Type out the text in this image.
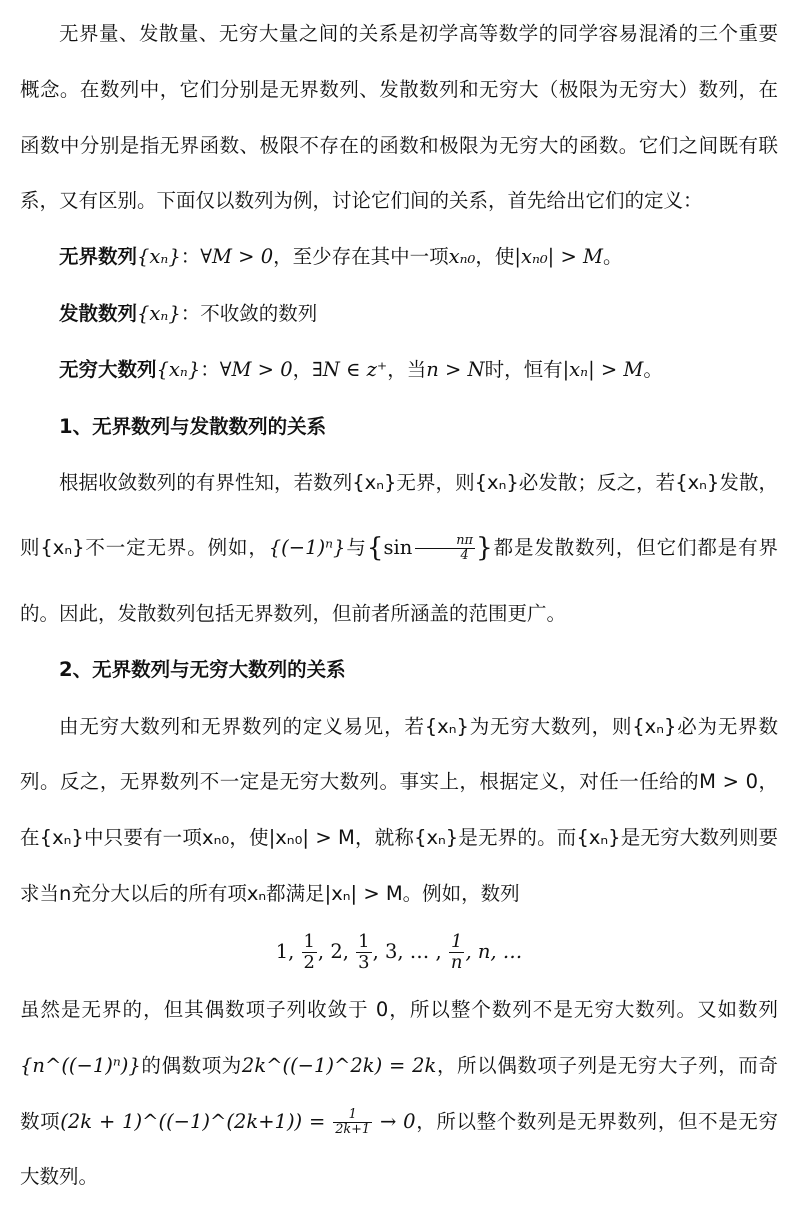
无界量、发散量、无穷大量之间的关系是初学高等数学的同学容易混淆的三个重要概念。在数列中，它们分别是无界数列、发散数列和无穷大（极限为无穷大）数列，在函数中分别是指无界函数、极限不存在的函数和极限为无穷大的函数。它们之间既有联系，又有区别。下面仅以数列为例，讨论它们间的关系，首先给出它们的定义：

无界数列{xₙ}：∀M > 0，至少存在其中一项xₙ₀，使|xₙ₀| > M。

发散数列{xₙ}：不收敛的数列

无穷大数列{xₙ}：∀M > 0，∃N ∈ z⁺，当n > N时，恒有|xₙ| > M。

1、无界数列与发散数列的关系

根据收敛数列的有界性知，若数列{xₙ}无界，则{xₙ}必发散；反之，若{xₙ}发散，则{xₙ}不一定无界。例如，{(−1)ⁿ}与{sin  $\frac{n\pi}{4}$ }都是发散数列，但它们都是有界的。因此，发散数列包括无界数列，但前者所涵盖的范围更广。

2、无界数列与无穷大数列的关系

由无穷大数列和无界数列的定义易见，若{xₙ}为无穷大数列，则{xₙ}必为无界数列。反之，无界数列不一定是无穷大数列。事实上，根据定义，对任一任给的M > 0，在{xₙ}中只要有一项xₙ₀，使|xₙ₀| > M，就称{xₙ}是无界的。而{xₙ}是无穷大数列则要求当n充分大以后的所有项xₙ都满足|xₙ| > M。例如，数列

1, $\frac{1}{2}$ , 2, $\frac{1}{3}$ , 3, … , $\frac{1}{n}$ , n, …

虽然是无界的，但其偶数项子列收敛于 0，所以整个数列不是无穷大数列。又如数列{n^((−1)ⁿ)}的偶数项为2k^((−1)^2k) = 2k，所以偶数项子列是无穷大子列，而奇数项(2k + 1)^((−1)^(2k+1)) = $\frac{1}{2k+1} \to 0$，所以整个数列是无界数列，但不是无穷大数列。
